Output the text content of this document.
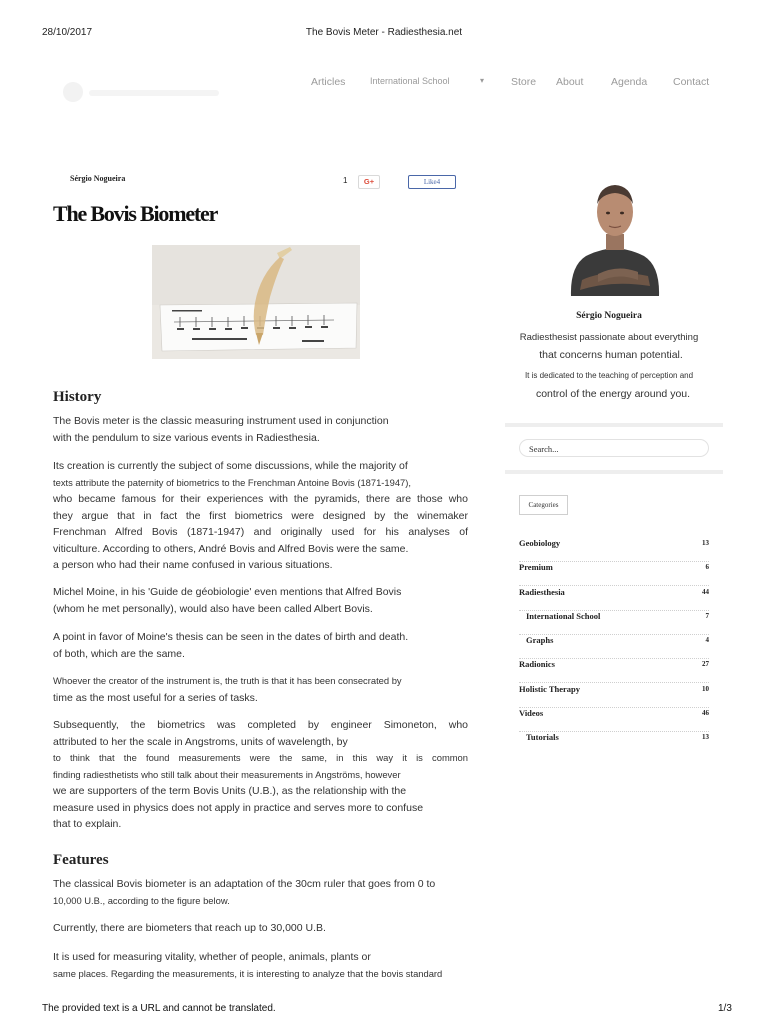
28/10/2017	The Bovis Meter - Radiesthesia.net
Articles	International School	▾	Store About	Agenda Contact
Sérgio Nogueira	1	G+	Like4
The Bovis Biometer
History
The Bovis meter is the classic measuring instrument used in conjunction
with the pendulum to size various events in Radiesthesia.
Its creation is currently the subject of some discussions, while the majority of
texts attribute the paternity of biometrics to the Frenchman Antoine Bovis (1871-1947),
who became famous for their experiences with the pyramids, there are those who
they argue that in fact the first biometrics were designed by the winemaker
Frenchman Alfred Bovis (1871-1947) and originally used for his analyses of
viticulture. According to others, André Bovis and Alfred Bovis were the same.
a person who had their name confused in various situations.
Michel Moine, in his 'Guide de géobiologie' even mentions that Alfred Bovis
(whom he met personally), would also have been called Albert Bovis.
A point in favor of Moine's thesis can be seen in the dates of birth and death.
of both, which are the same.
Whoever the creator of the instrument is, the truth is that it has been consecrated by
time as the most useful for a series of tasks.
Subsequently, the biometrics was completed by engineer Simoneton, who
attributed to her the scale in Angstroms, units of wavelength, by
to think that the found measurements were the same, in this way it is common
finding radiesthetists who still talk about their measurements in Angströms, however
we are supporters of the term Bovis Units (U.B.), as the relationship with the
measure used in physics does not apply in practice and serves more to confuse
that to explain.
Features
The classical Bovis biometer is an adaptation of the 30cm ruler that goes from 0 to
10,000 U.B., according to the figure below.
Currently, there are biometers that reach up to 30,000 U.B.
It is used for measuring vitality, whether of people, animals, plants or
same places. Regarding the measurements, it is interesting to analyze that the bovis standard
Sérgio Nogueira
Radiesthesist passionate about everything
that concerns human potential.
It is dedicated to the teaching of perception and
control of the energy around you.
Search...
Categories
Geobiology	13
Premium	6
Radiesthesia	44
International School	7
Graphs	4
Radionics	27
Holistic Therapy	10
Videos	46
Tutorials	13
The provided text is a URL and cannot be translated.	1/3
